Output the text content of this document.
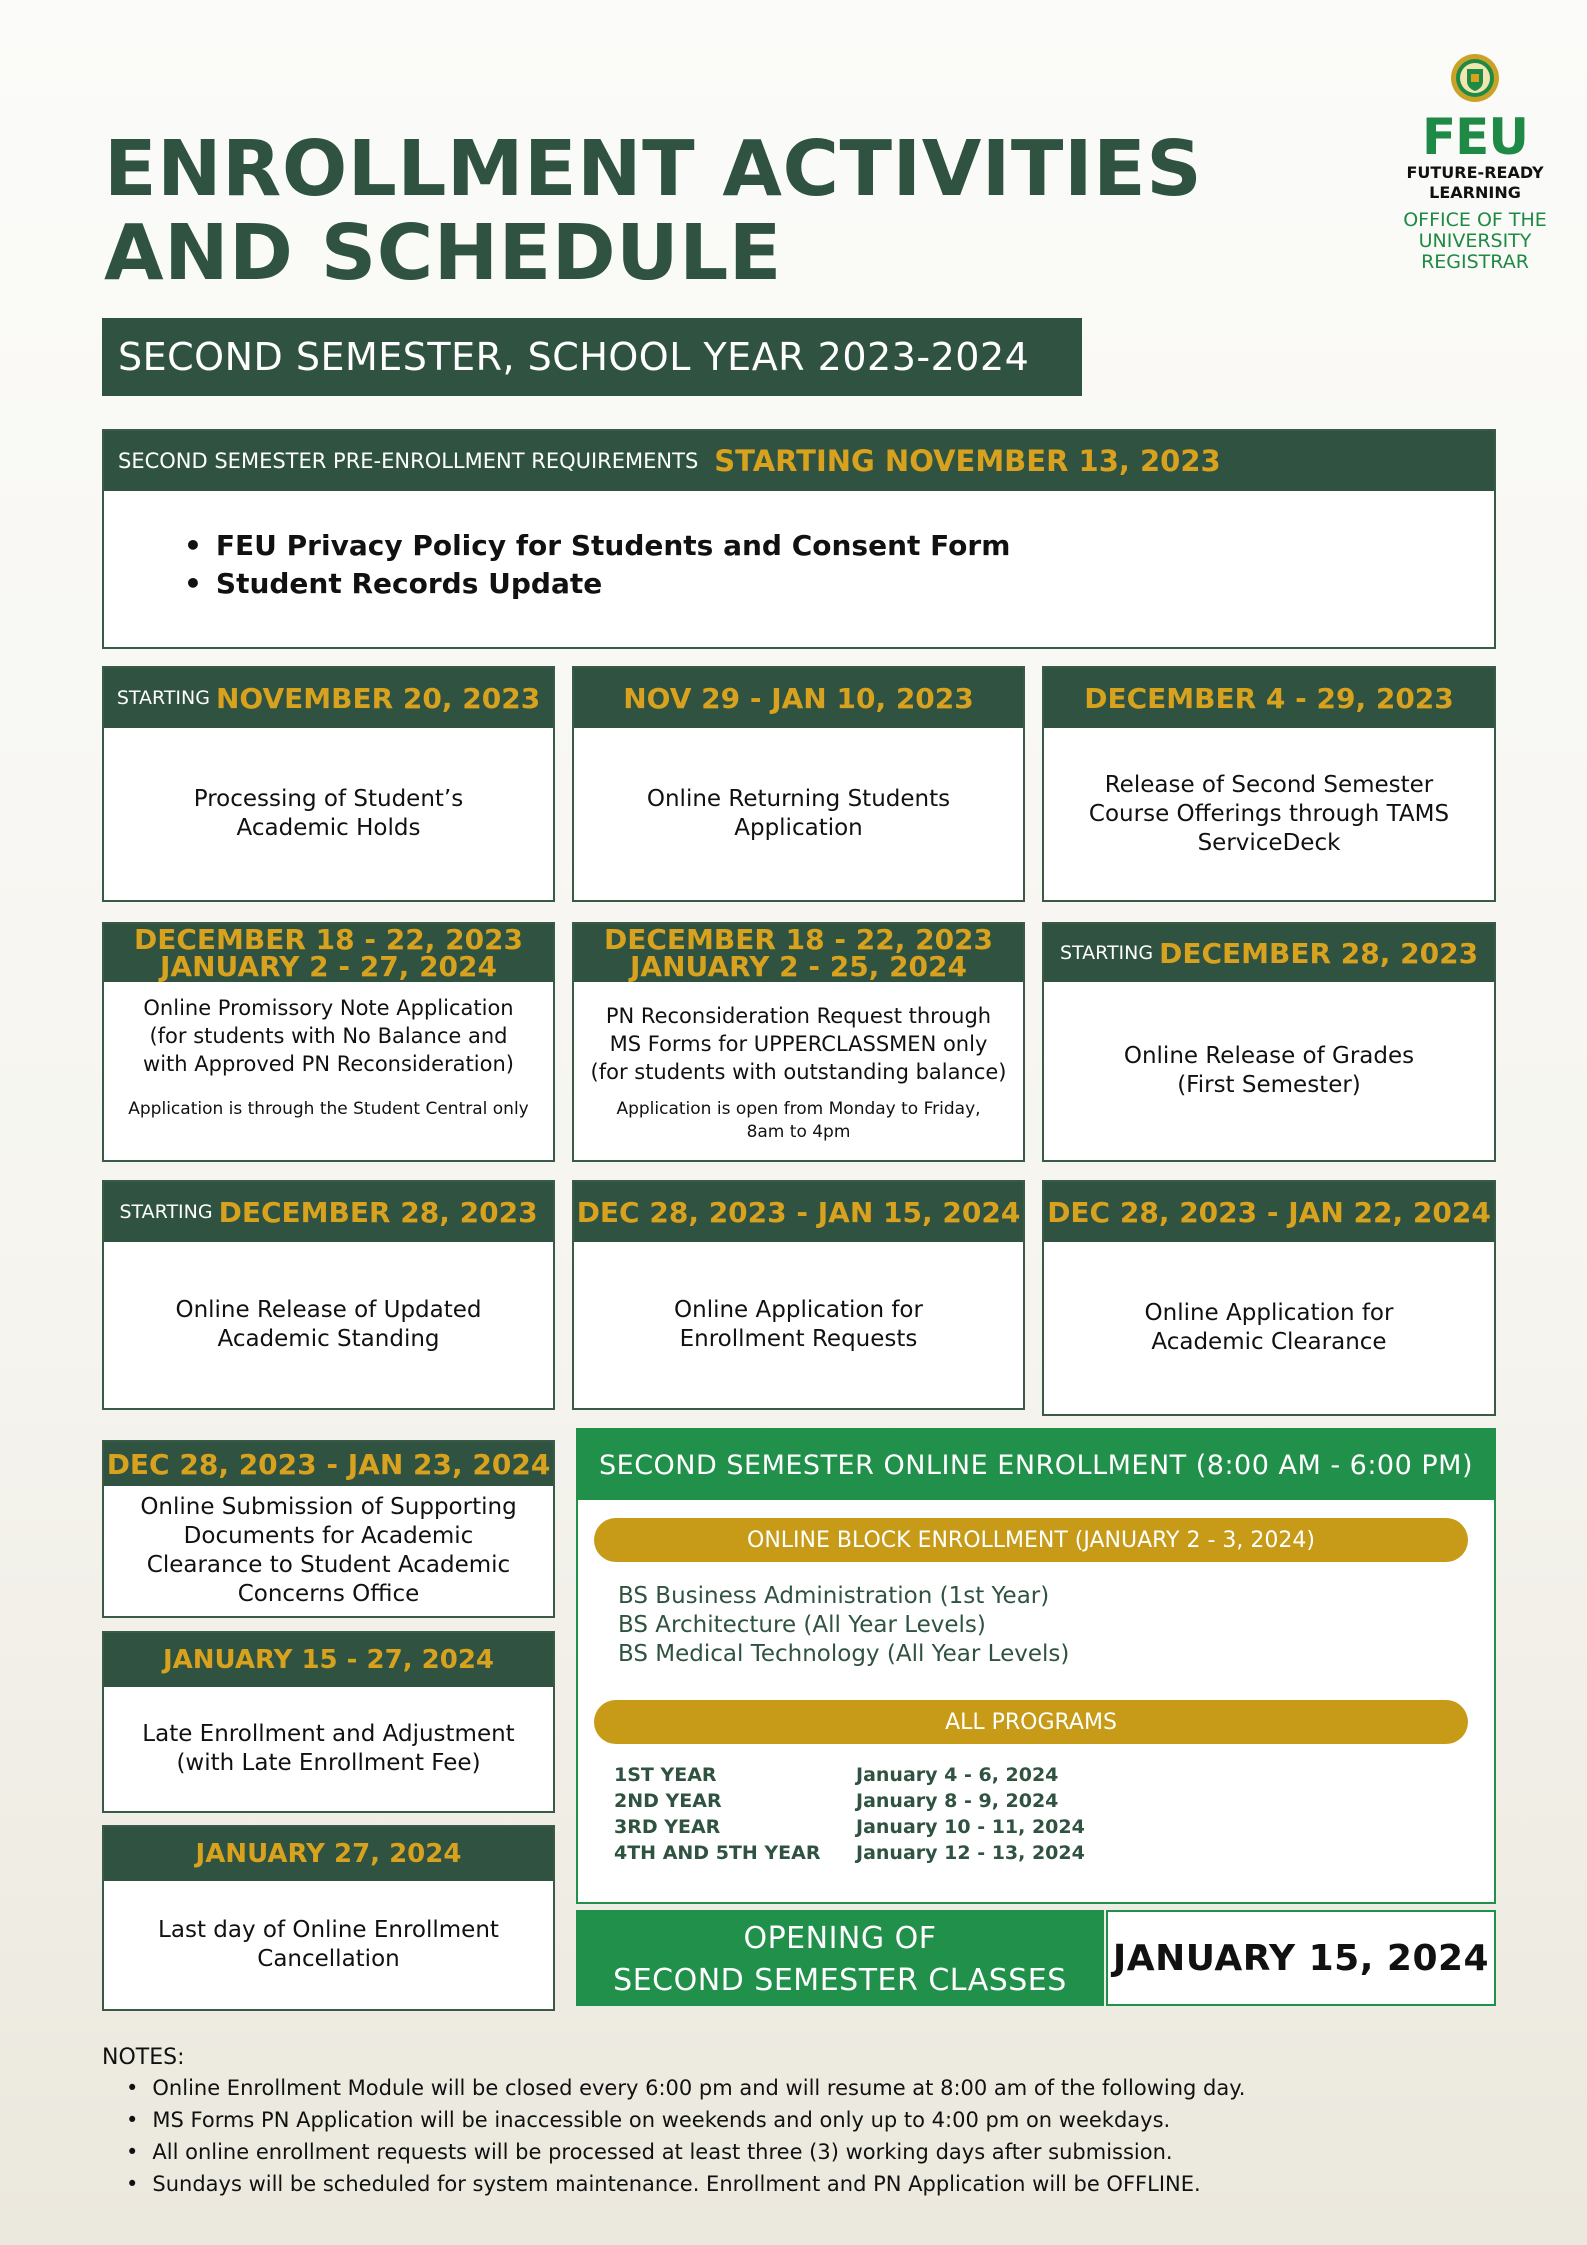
FEU
FUTURE-READY
LEARNING
OFFICE OF THE
UNIVERSITY
REGISTRAR
ENROLLMENT ACTIVITIES
AND SCHEDULE
SECOND SEMESTER, SCHOOL YEAR 2023-2024
SECOND SEMESTER PRE-ENROLLMENT REQUIREMENTS STARTING NOVEMBER 13, 2023
• FEU Privacy Policy for Students and Consent Form
• Student Records Update
STARTING NOVEMBER 20, 2023
Processing of Student’s
Academic Holds
NOV 29 - JAN 10, 2023
Online Returning Students
Application
DECEMBER 4 - 29, 2023
Release of Second Semester
Course Offerings through TAMS
ServiceDeck
DECEMBER 18 - 22, 2023
JANUARY 2 - 27, 2024
Online Promissory Note Application
(for students with No Balance and
with Approved PN Reconsideration)
Application is through the Student Central only
DECEMBER 18 - 22, 2023
JANUARY 2 - 25, 2024
PN Reconsideration Request through
MS Forms for UPPERCLASSMEN only
(for students with outstanding balance)
Application is open from Monday to Friday,
8am to 4pm
STARTING DECEMBER 28, 2023
Online Release of Grades
(First Semester)
STARTING DECEMBER 28, 2023
Online Release of Updated
Academic Standing
DEC 28, 2023 - JAN 15, 2024
Online Application for
Enrollment Requests
DEC 28, 2023 - JAN 22, 2024
Online Application for
Academic Clearance
DEC 28, 2023 - JAN 23, 2024
Online Submission of Supporting
Documents for Academic
Clearance to Student Academic
Concerns Office
JANUARY 15 - 27, 2024
Late Enrollment and Adjustment
(with Late Enrollment Fee)
JANUARY 27, 2024
Last day of Online Enrollment
Cancellation
SECOND SEMESTER ONLINE ENROLLMENT (8:00 AM - 6:00 PM)
ONLINE BLOCK ENROLLMENT (JANUARY 2 - 3, 2024)
BS Business Administration (1st Year)
BS Architecture (All Year Levels)
BS Medical Technology (All Year Levels)
ALL PROGRAMS
1ST YEAR	January 4 - 6, 2024
2ND YEAR	January 8 - 9, 2024
3RD YEAR	January 10 - 11, 2024
4TH AND 5TH YEAR	January 12 - 13, 2024
OPENING OF
SECOND SEMESTER CLASSES
JANUARY 15, 2024
NOTES:
• Online Enrollment Module will be closed every 6:00 pm and will resume at 8:00 am of the following day.
• MS Forms PN Application will be inaccessible on weekends and only up to 4:00 pm on weekdays.
• All online enrollment requests will be processed at least three (3) working days after submission.
• Sundays will be scheduled for system maintenance. Enrollment and PN Application will be OFFLINE.
